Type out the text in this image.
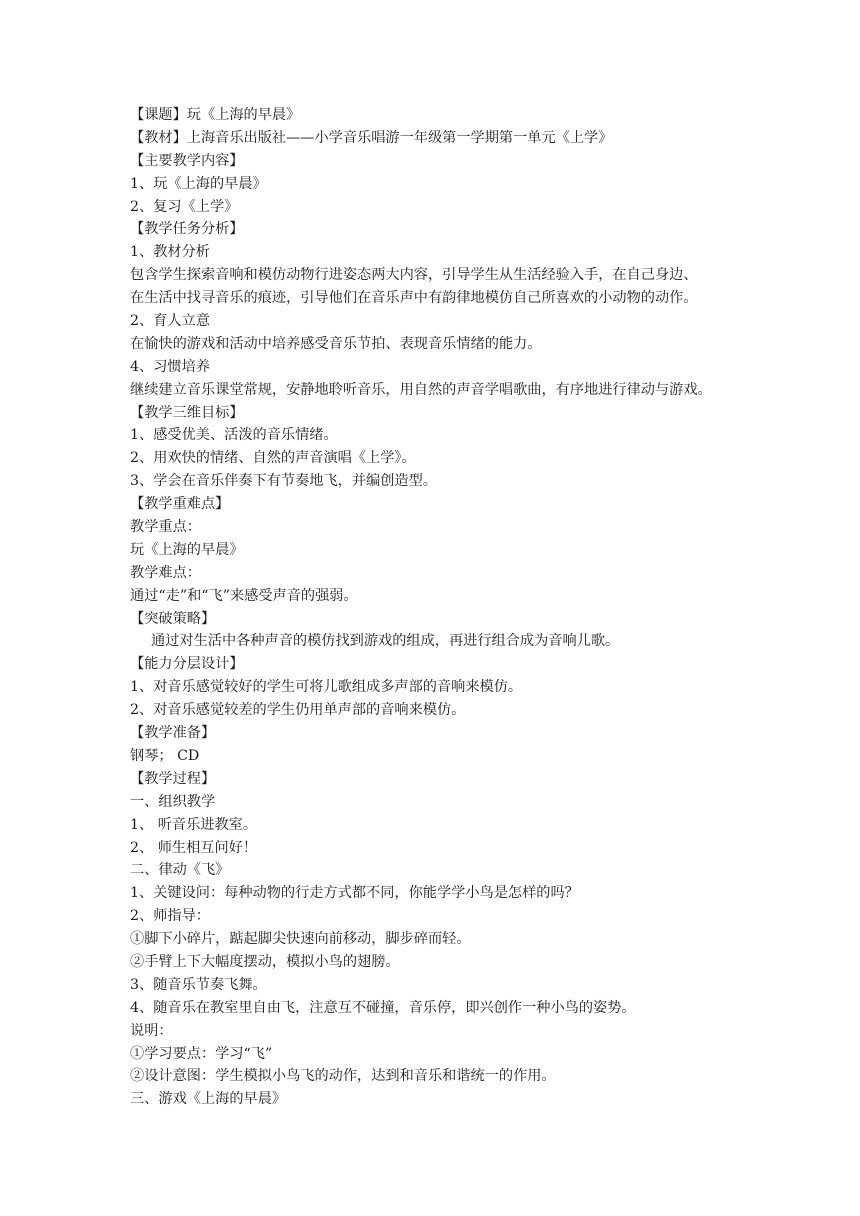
【课题】玩《上海的早晨》
【教材】上海音乐出版社——小学音乐唱游一年级第一学期第一单元《上学》
【主要教学内容】
1、玩《上海的早晨》
2、复习《上学》
【教学任务分析】
1、教材分析
包含学生探索音响和模仿动物行进姿态两大内容，引导学生从生活经验入手，在自己身边、
在生活中找寻音乐的痕迹，引导他们在音乐声中有韵律地模仿自己所喜欢的小动物的动作。
2、育人立意
在愉快的游戏和活动中培养感受音乐节拍、表现音乐情绪的能力。
4、习惯培养
继续建立音乐课堂常规，安静地聆听音乐，用自然的声音学唱歌曲，有序地进行律动与游戏。
【教学三维目标】
1、感受优美、活泼的音乐情绪。
2、用欢快的情绪、自然的声音演唱《上学》。
3、学会在音乐伴奏下有节奏地飞，并编创造型。
【教学重难点】
教学重点：
玩《上海的早晨》
教学难点：
通过“走”和“飞”来感受声音的强弱。
【突破策略】
通过对生活中各种声音的模仿找到游戏的组成，再进行组合成为音响儿歌。
【能力分层设计】
1、对音乐感觉较好的学生可将儿歌组成多声部的音响来模仿。
2、对音乐感觉较差的学生仍用单声部的音响来模仿。
【教学准备】
钢琴； CD
【教学过程】
一、组织教学
1、 听音乐进教室。
2、 师生相互问好！
二、律动《飞》
1、关键设问：每种动物的行走方式都不同，你能学学小鸟是怎样的吗？
2、师指导：
①脚下小碎片，踮起脚尖快速向前移动，脚步碎而轻。
②手臂上下大幅度摆动，模拟小鸟的翅膀。
3、随音乐节奏飞舞。
4、随音乐在教室里自由飞，注意互不碰撞，音乐停，即兴创作一种小鸟的姿势。
说明：
①学习要点：学习“飞”
②设计意图：学生模拟小鸟飞的动作，达到和音乐和谐统一的作用。
三、游戏《上海的早晨》
